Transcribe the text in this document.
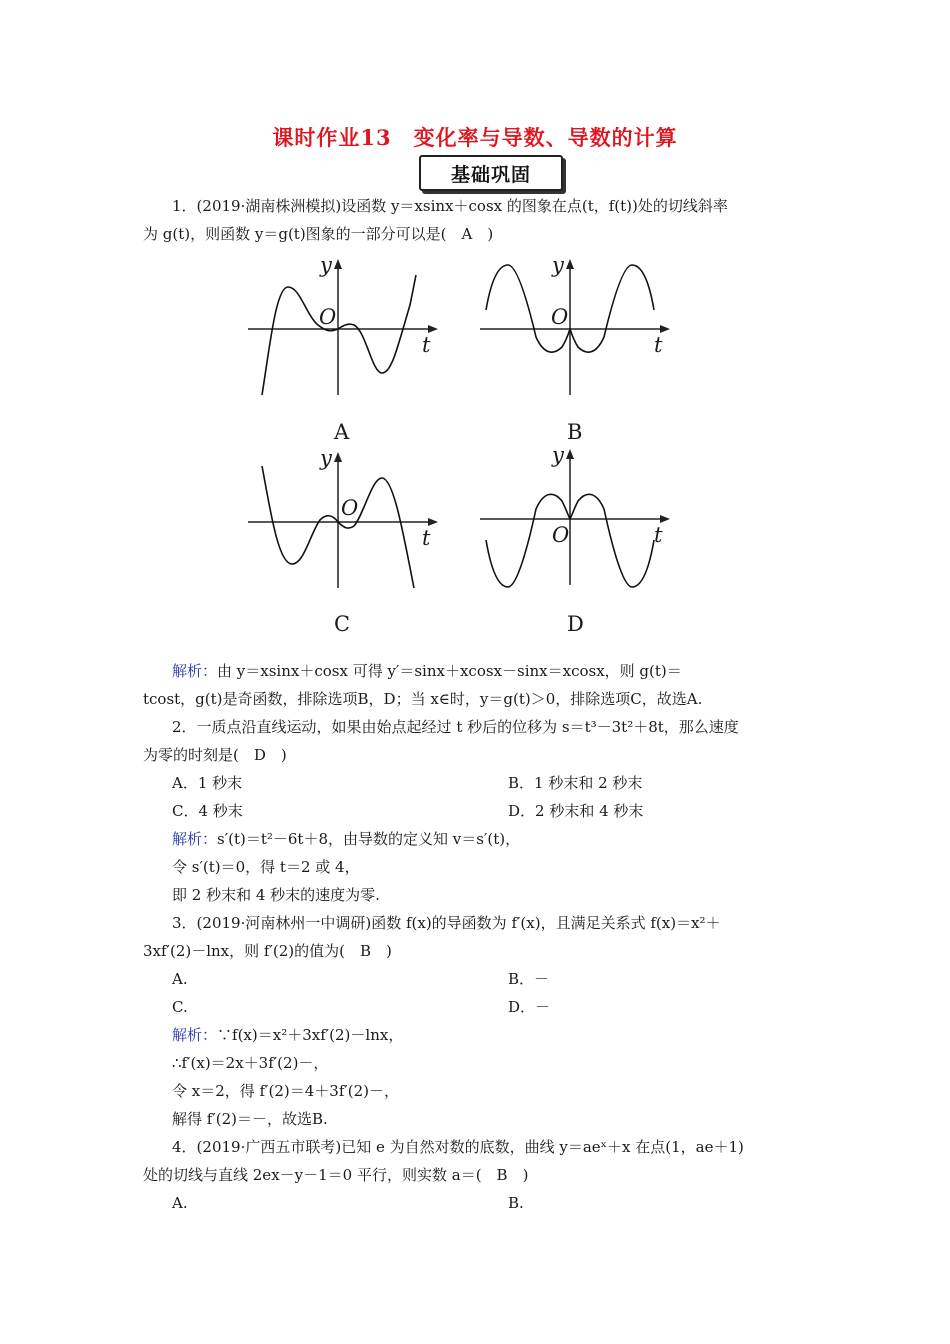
课时作业13　变化率与导数、导数的计算
基础巩固
1．(2019·湖南株洲模拟)设函数 y＝xsinx＋cosx 的图象在点(t，f(t))处的切线斜率
为 g(t)，则函数 y＝g(t)图象的一部分可以是(　A　)
y
O
t
A
y
O
t
B
y
O
t
C
y
O	t
D
解析：由 y＝xsinx＋cosx 可得 y′＝sinx＋xcosx－sinx＝xcosx，则 g(t)＝
tcost，g(t)是奇函数，排除选项B，D；当 x∈时，y＝g(t)＞0，排除选项C，故选A.
2．一质点沿直线运动，如果由始点起经过 t 秒后的位移为 s＝t³－3t²＋8t，那么速度
为零的时刻是(　D　)
A．1 秒末	B．1 秒末和 2 秒末
C．4 秒末	D．2 秒末和 4 秒末
解析：s′(t)＝t²－6t＋8，由导数的定义知 v＝s′(t)，
令 s′(t)＝0，得 t＝2 或 4，
即 2 秒末和 4 秒末的速度为零.
3．(2019·河南林州一中调研)函数 f(x)的导函数为 f′(x)，且满足关系式 f(x)＝x²＋
3xf′(2)－lnx，则 f′(2)的值为(　B　)
A.	B．－
C.	D．－
解析：∵f(x)＝x²＋3xf′(2)－lnx，
∴f′(x)＝2x＋3f′(2)－，
令 x＝2，得 f′(2)＝4＋3f′(2)－，
解得 f′(2)＝－，故选B.
4．(2019·广西五市联考)已知 e 为自然对数的底数，曲线 y＝aeˣ＋x 在点(1，ae＋1)
处的切线与直线 2ex－y－1＝0 平行，则实数 a＝(　B　)
A.	B.
